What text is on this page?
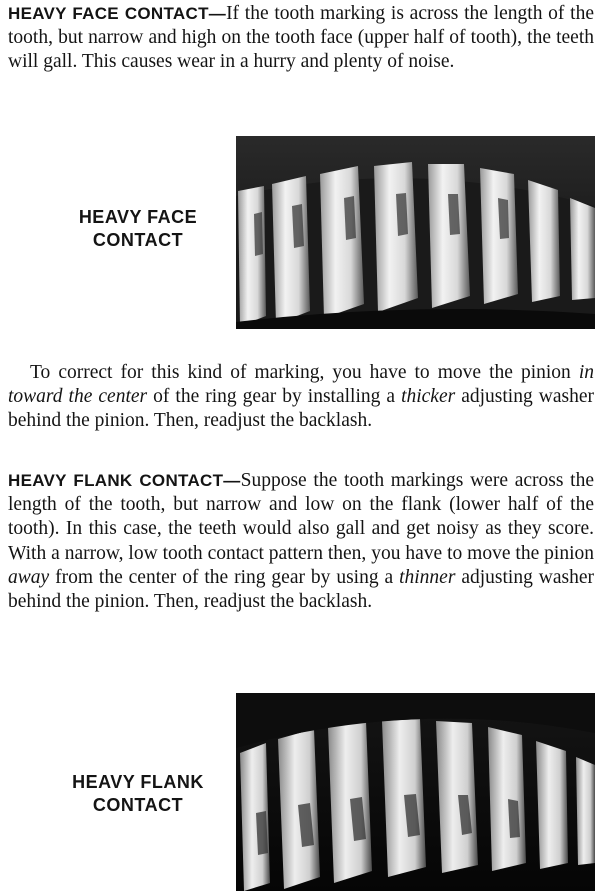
HEAVY FACE CONTACT—If the tooth marking is across the length of the tooth, but narrow and high on the tooth face (upper half of tooth), the teeth will gall. This causes wear in a hurry and plenty of noise.

HEAVY FACE
CONTACT

To correct for this kind of marking, you have to move the pinion in toward the center of the ring gear by installing a thicker adjusting washer behind the pinion. Then, readjust the backlash.

HEAVY FLANK CONTACT—Suppose the tooth markings were across the length of the tooth, but narrow and low on the flank (lower half of the tooth). In this case, the teeth would also gall and get noisy as they score. With a narrow, low tooth contact pattern then, you have to move the pinion away from the center of the ring gear by using a thinner adjusting washer behind the pinion. Then, readjust the backlash.

HEAVY FLANK
CONTACT
